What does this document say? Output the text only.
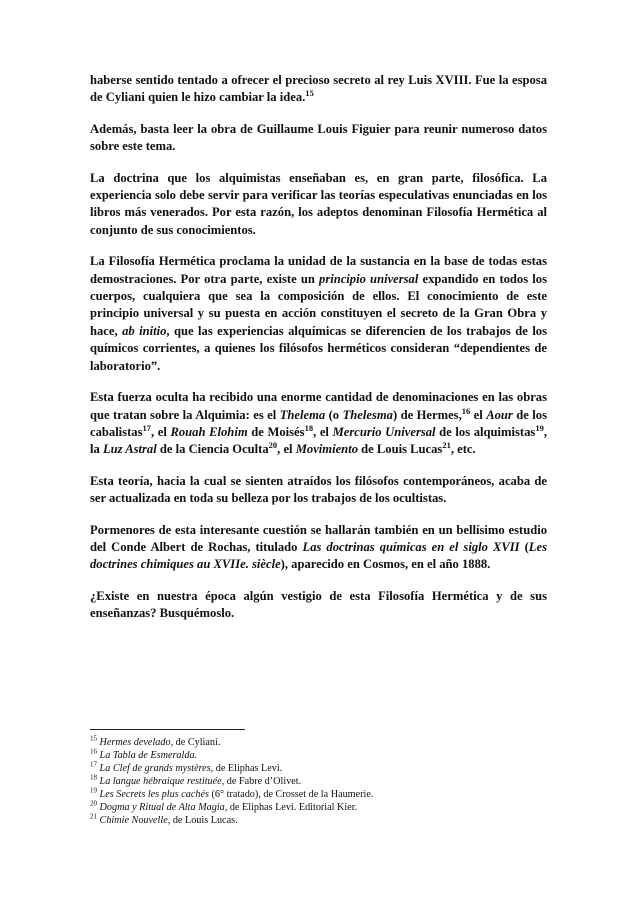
haberse sentido tentado a ofrecer el precioso secreto al rey Luis XVIII. Fue la esposa de Cyliani quien le hizo cambiar la idea.$^{15}$

Además, basta leer la obra de Guillaume Louis Figuier para reunir numeroso datos sobre este tema.

La doctrina que los alquimistas enseñaban es, en gran parte, filosófica. La experiencia solo debe servir para verificar las teorías especulativas enunciadas en los libros más venerados. Por esta razón, los adeptos denominan Filosofía Hermética al conjunto de sus conocimientos.

La Filosofía Hermética proclama la unidad de la sustancia en la base de todas estas demostraciones. Por otra parte, existe un principio universal expandido en todos los cuerpos, cualquiera que sea la composición de ellos. El conocimiento de este principio universal y su puesta en acción constituyen el secreto de la Gran Obra y hace, ab initio, que las experiencias alquímicas se diferencien de los trabajos de los químicos corrientes, a quienes los filósofos herméticos consideran “dependientes de laboratorio”.

Esta fuerza oculta ha recibido una enorme cantidad de denominaciones en las obras que tratan sobre la Alquimia: es el Thelema (o Thelesma) de Hermes,$^{16}$ el Aour de los cabalistas$^{17}$, el Rouah Elohim de Moisés$^{18}$, el Mercurio Universal de los alquimistas$^{19}$, la Luz Astral de la Ciencia Oculta$^{20}$, el Movimiento de Louis Lucas$^{21}$, etc.

Esta teoría, hacia la cual se sienten atraídos los filósofos contemporáneos, acaba de ser actualizada en toda su belleza por los trabajos de los ocultistas.

Pormenores de esta interesante cuestión se hallarán también en un bellísimo estudio del Conde Albert de Rochas, titulado Las doctrinas químicas en el siglo XVII (Les doctrines chimiques au XVIIe. siècle), aparecido en Cosmos, en el año 1888.

¿Existe en nuestra época algún vestigio de esta Filosofía Hermética y de sus enseñanzas? Busquémoslo.

$^{15}$ Hermes develado, de Cyliani.

$^{16}$ La Tabla de Esmeralda.

$^{17}$ La Clef de grands mystères, de Eliphas Levi.

$^{18}$ La langue hébraique restituée, de Fabre d’Olivet.

$^{19}$ Les Secrets les plus cachés (6° tratado), de Crosset de la Haumerie.

$^{20}$ Dogma y Ritual de Alta Magia, de Eliphas Levi. Editorial Kier.

$^{21}$ Chimie Nouvelle, de Louis Lucas.
